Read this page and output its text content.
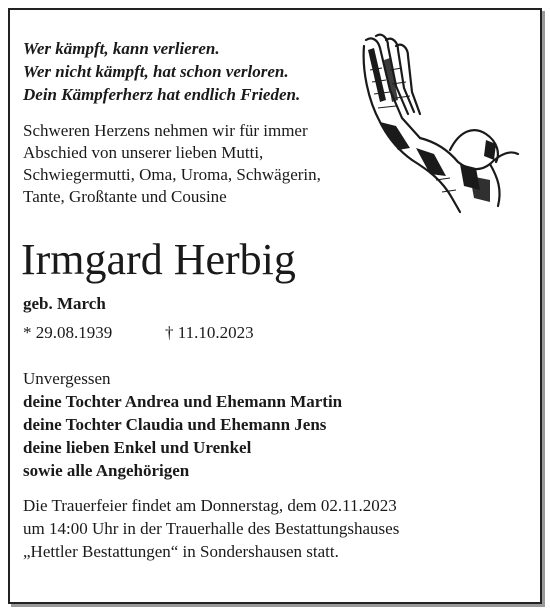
Wer kämpft, kann verlieren.
Wer nicht kämpft, hat schon verloren.
Dein Kämpferherz hat endlich Frieden.
Schweren Herzens nehmen wir für immer
Abschied von unserer lieben Mutti,
Schwiegermutti, Oma, Uroma, Schwägerin,
Tante, Großtante und Cousine
Irmgard Herbig
geb. March
* 29.08.1939	† 11.10.2023
Unvergessen
deine Tochter Andrea und Ehemann Martin
deine Tochter Claudia und Ehemann Jens
deine lieben Enkel und Urenkel
sowie alle Angehörigen
Die Trauerfeier findet am Donnerstag, dem 02.11.2023
um 14:00 Uhr in der Trauerhalle des Bestattungshauses
„Hettler Bestattungen“ in Sondershausen statt.
